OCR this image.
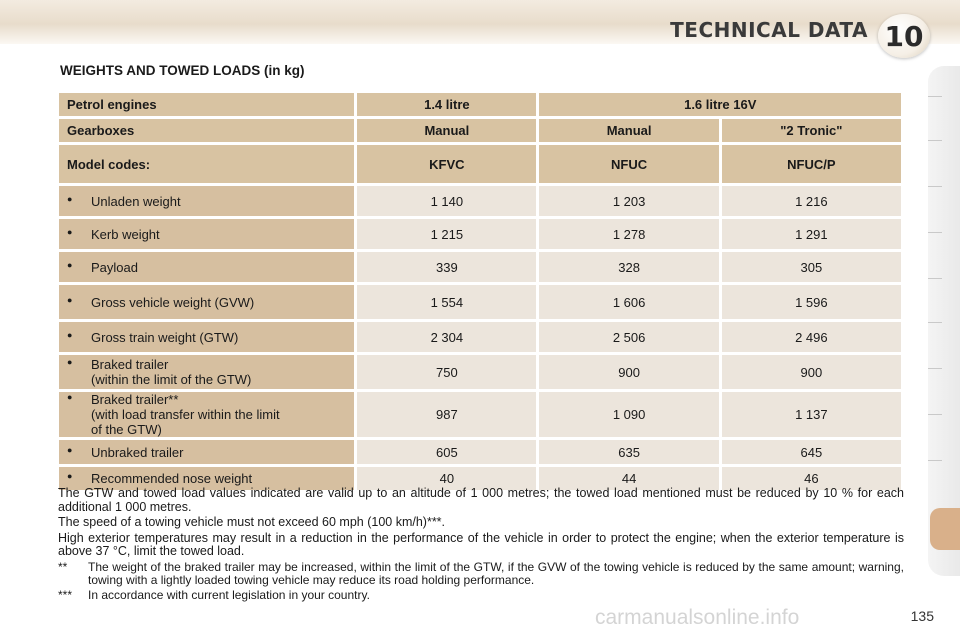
TECHNICAL DATA 10
WEIGHTS AND TOWED LOADS (in kg)
Petrol engines	1.4 litre	1.6 litre 16V	
Gearboxes	Manual	Manual	"2 Tronic"
Model codes:	KFVC	NFUC	NFUC/P
● Unladen weight	1 140	1 203	1 216
● Kerb weight	1 215	1 278	1 291
● Payload	339	328	305
● Gross vehicle weight (GVW)	1 554	1 606	1 596
● Gross train weight (GTW)	2 304	2 506	2 496
● Braked trailer
(within the limit of the GTW)	750	900	900
● Braked trailer**
(with load transfer within the limit
of the GTW)	987	1 090	1 137
● Unbraked trailer	605	635	645
● Recommended nose weight	40	44	46

The GTW and towed load values indicated are valid up to an altitude of 1 000 metres; the towed load mentioned must be reduced by 10 % for each additional 1 000 metres.

The speed of a towing vehicle must not exceed 60 mph (100 km/h)***.

High exterior temperatures may result in a reduction in the performance of the vehicle in order to protect the engine; when the exterior temperature is above 37 °C, limit the towed load.

**	The weight of the braked trailer may be increased, within the limit of the GTW, if the GVW of the towing vehicle is reduced by the same amount; warning, towing with a lightly loaded towing vehicle may reduce its road holding performance.
***	In accordance with current legislation in your country.
carmanualsonline.info	135
